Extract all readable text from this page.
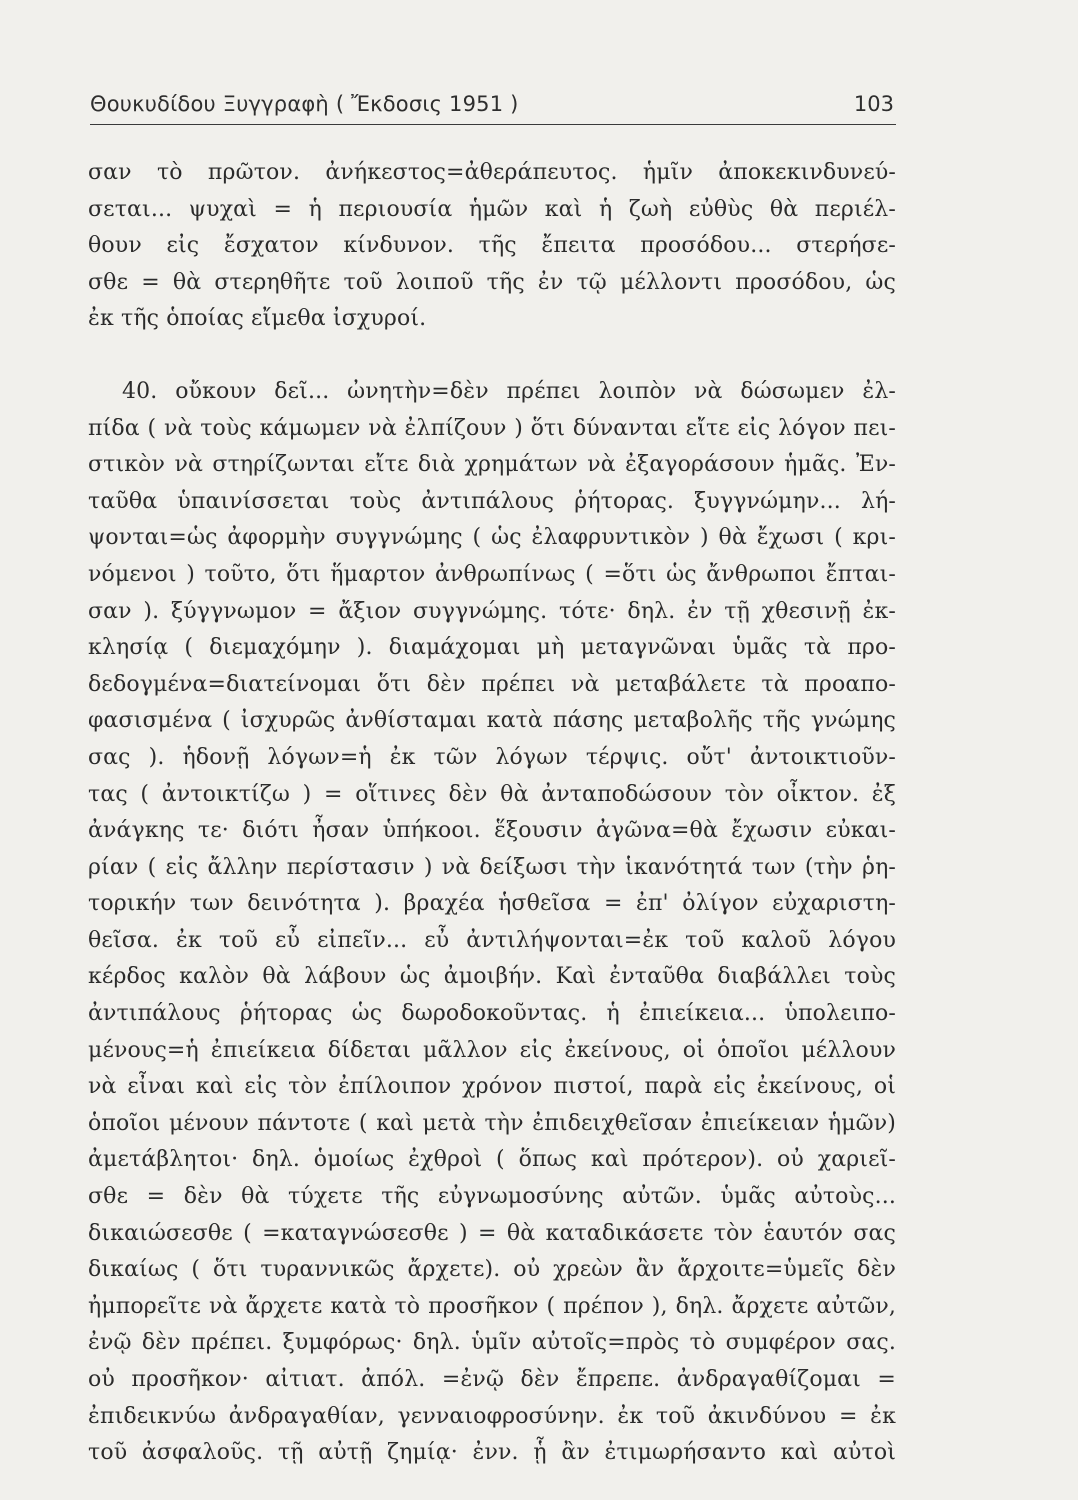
Θουκυδίδου Ξυγγραφὴ ( Ἔκδοσις 1951 )	103
σαν τὸ πρῶτον. ἀνήκεστος=ἀθεράπευτος. ἡμῖν ἀποκεκινδυνεύ-
σεται... ψυχαὶ = ἡ περιουσία ἡμῶν καὶ ἡ ζωὴ εὐθὺς θὰ περιέλ-
θουν εἰς ἔσχατον κίνδυνον. τῆς ἔπειτα προσόδου... στερήσε-
σθε = θὰ στερηθῆτε τοῦ λοιποῦ τῆς ἐν τῷ μέλλοντι προσόδου, ὡς
ἐκ τῆς ὁποίας εἴμεθα ἰσχυροί.
40. οὔκουν δεῖ... ὠνητὴν=δὲν πρέπει λοιπὸν νὰ δώσωμεν ἐλ-
πίδα ( νὰ τοὺς κάμωμεν νὰ ἐλπίζουν ) ὅτι δύνανται εἴτε εἰς λόγον πει-
στικὸν νὰ στηρίζωνται εἴτε διὰ χρημάτων νὰ ἐξαγοράσουν ἡμᾶς. Ἐν-
ταῦθα ὑπαινίσσεται τοὺς ἀντιπάλους ῥήτορας. ξυγγνώμην... λή-
ψονται=ὡς ἀφορμὴν συγγνώμης ( ὡς ἐλαφρυντικὸν ) θὰ ἔχωσι ( κρι-
νόμενοι ) τοῦτο, ὅτι ἥμαρτον ἀνθρωπίνως ( =ὅτι ὡς ἄνθρωποι ἔπται-
σαν ). ξύγγνωμον = ἄξιον συγγνώμης. τότε· δηλ. ἐν τῇ χθεσινῇ ἐκ-
κλησίᾳ ( διεμαχόμην ). διαμάχομαι μὴ μεταγνῶναι ὑμᾶς τὰ προ-
δεδογμένα=διατείνομαι ὅτι δὲν πρέπει νὰ μεταβάλετε τὰ προαπο-
φασισμένα ( ἰσχυρῶς ἀνθίσταμαι κατὰ πάσης μεταβολῆς τῆς γνώμης
σας ). ἡδονῇ λόγων=ἡ ἐκ τῶν λόγων τέρψις. οὔτ' ἀντοικτιοῦν-
τας ( ἀντοικτίζω ) = οἵτινες δὲν θὰ ἀνταποδώσουν τὸν οἶκτον. ἐξ
ἀνάγκης τε· διότι ἦσαν ὑπήκοοι. ἕξουσιν ἀγῶνα=θὰ ἔχωσιν εὐκαι-
ρίαν ( εἰς ἄλλην περίστασιν ) νὰ δείξωσι τὴν ἱκανότητά των (τὴν ῥη-
τορικήν των δεινότητα ). βραχέα ἡσθεῖσα = ἐπ' ὀλίγον εὐχαριστη-
θεῖσα. ἐκ τοῦ εὖ εἰπεῖν... εὖ ἀντιλήψονται=ἐκ τοῦ καλοῦ λόγου
κέρδος καλὸν θὰ λάβουν ὡς ἀμοιβήν. Καὶ ἐνταῦθα διαβάλλει τοὺς
ἀντιπάλους ῥήτορας ὡς δωροδοκοῦντας. ἡ ἐπιείκεια... ὑπολειπο-
μένους=ἡ ἐπιείκεια δίδεται μᾶλλον εἰς ἐκείνους, οἱ ὁποῖοι μέλλουν
νὰ εἶναι καὶ εἰς τὸν ἐπίλοιπον χρόνον πιστοί, παρὰ εἰς ἐκείνους, οἱ
ὁποῖοι μένουν πάντοτε ( καὶ μετὰ τὴν ἐπιδειχθεῖσαν ἐπιείκειαν ἡμῶν)
ἀμετάβλητοι· δηλ. ὁμοίως ἐχθροὶ ( ὅπως καὶ πρότερον). οὐ χαριεῖ-
σθε = δὲν θὰ τύχετε τῆς εὐγνωμοσύνης αὐτῶν. ὑμᾶς αὐτοὺς...
δικαιώσεσθε ( =καταγνώσεσθε ) = θὰ καταδικάσετε τὸν ἑαυτόν σας
δικαίως ( ὅτι τυραννικῶς ἄρχετε). οὐ χρεὼν ἂν ἄρχοιτε=ὑμεῖς δὲν
ἠμπορεῖτε νὰ ἄρχετε κατὰ τὸ προσῆκον ( πρέπον ), δηλ. ἄρχετε αὐτῶν,
ἐνῷ δὲν πρέπει. ξυμφόρως· δηλ. ὑμῖν αὐτοῖς=πρὸς τὸ συμφέρον σας.
οὐ προσῆκον· αἰτιατ. ἀπόλ. =ἐνῷ δὲν ἔπρεπε. ἀνδραγαθίζομαι =
ἐπιδεικνύω ἀνδραγαθίαν, γενναιοφροσύνην. ἐκ τοῦ ἀκινδύνου = ἐκ
τοῦ ἀσφαλοῦς. τῇ αὐτῇ ζημίᾳ· ἐνν. ᾗ ἂν ἐτιμωρήσαντο καὶ αὐτοὶ
